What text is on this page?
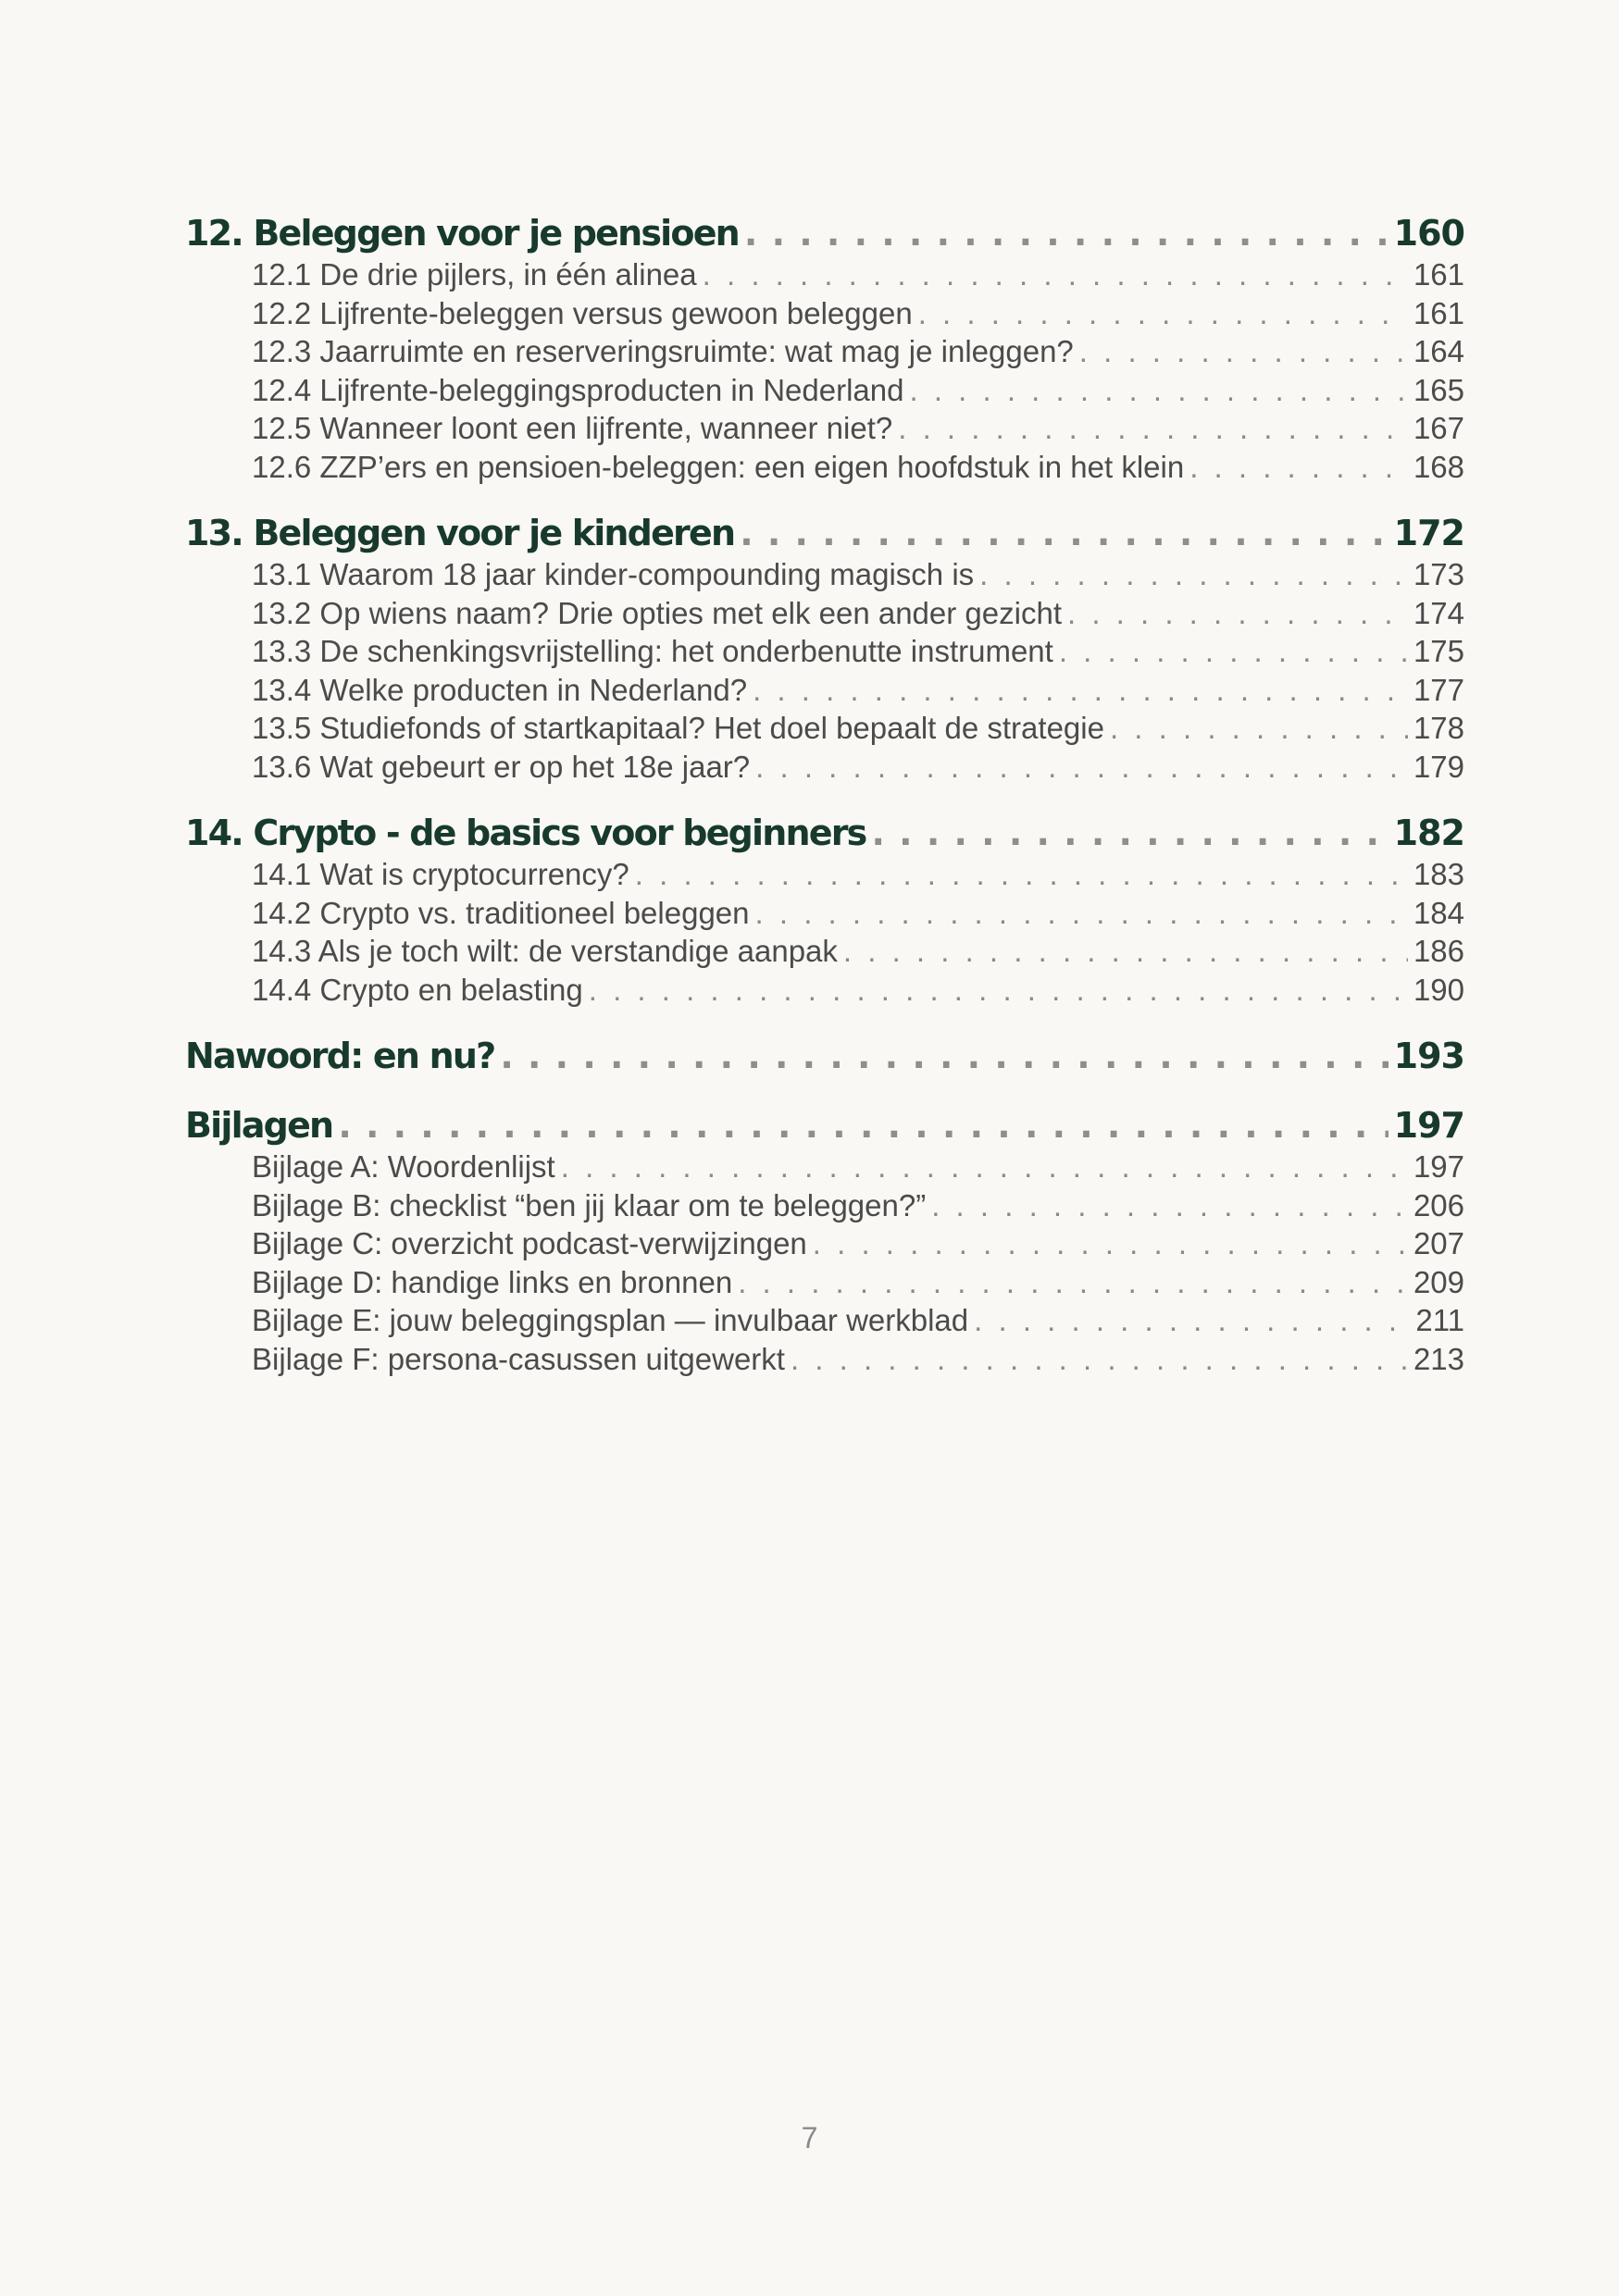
12. Beleggen voor je pensioen . . .	160
12.1 De drie pijlers, in één alinea . . .	161
12.2 Lijfrente-beleggen versus gewoon beleggen . . .	161
12.3 Jaarruimte en reserveringsruimte: wat mag je inleggen? . . .	164
12.4 Lijfrente-beleggingsproducten in Nederland . . .	165
12.5 Wanneer loont een lijfrente, wanneer niet? . . .	167
12.6 ZZP’ers en pensioen-beleggen: een eigen hoofdstuk in het klein . . .	168
13. Beleggen voor je kinderen . . .	172
13.1 Waarom 18 jaar kinder-compounding magisch is . . .	173
13.2 Op wiens naam? Drie opties met elk een ander gezicht . . .	174
13.3 De schenkingsvrijstelling: het onderbenutte instrument . . .	175
13.4 Welke producten in Nederland? . . .	177
13.5 Studiefonds of startkapitaal? Het doel bepaalt de strategie . . .	178
13.6 Wat gebeurt er op het 18e jaar? . . .	179
14. Crypto - de basics voor beginners . . .	182
14.1 Wat is cryptocurrency? . . .	183
14.2 Crypto vs. traditioneel beleggen . . .	184
14.3 Als je toch wilt: de verstandige aanpak . . .	186
14.4 Crypto en belasting . . .	190
Nawoord: en nu? . . .	193
Bijlagen . . .	197
Bijlage A: Woordenlijst . . .	197
Bijlage B: checklist “ben jij klaar om te beleggen?” . . .	206
Bijlage C: overzicht podcast-verwijzingen . . .	207
Bijlage D: handige links en bronnen . . .	209
Bijlage E: jouw beleggingsplan — invulbaar werkblad . . .	211
Bijlage F: persona-casussen uitgewerkt . . .	213
7
